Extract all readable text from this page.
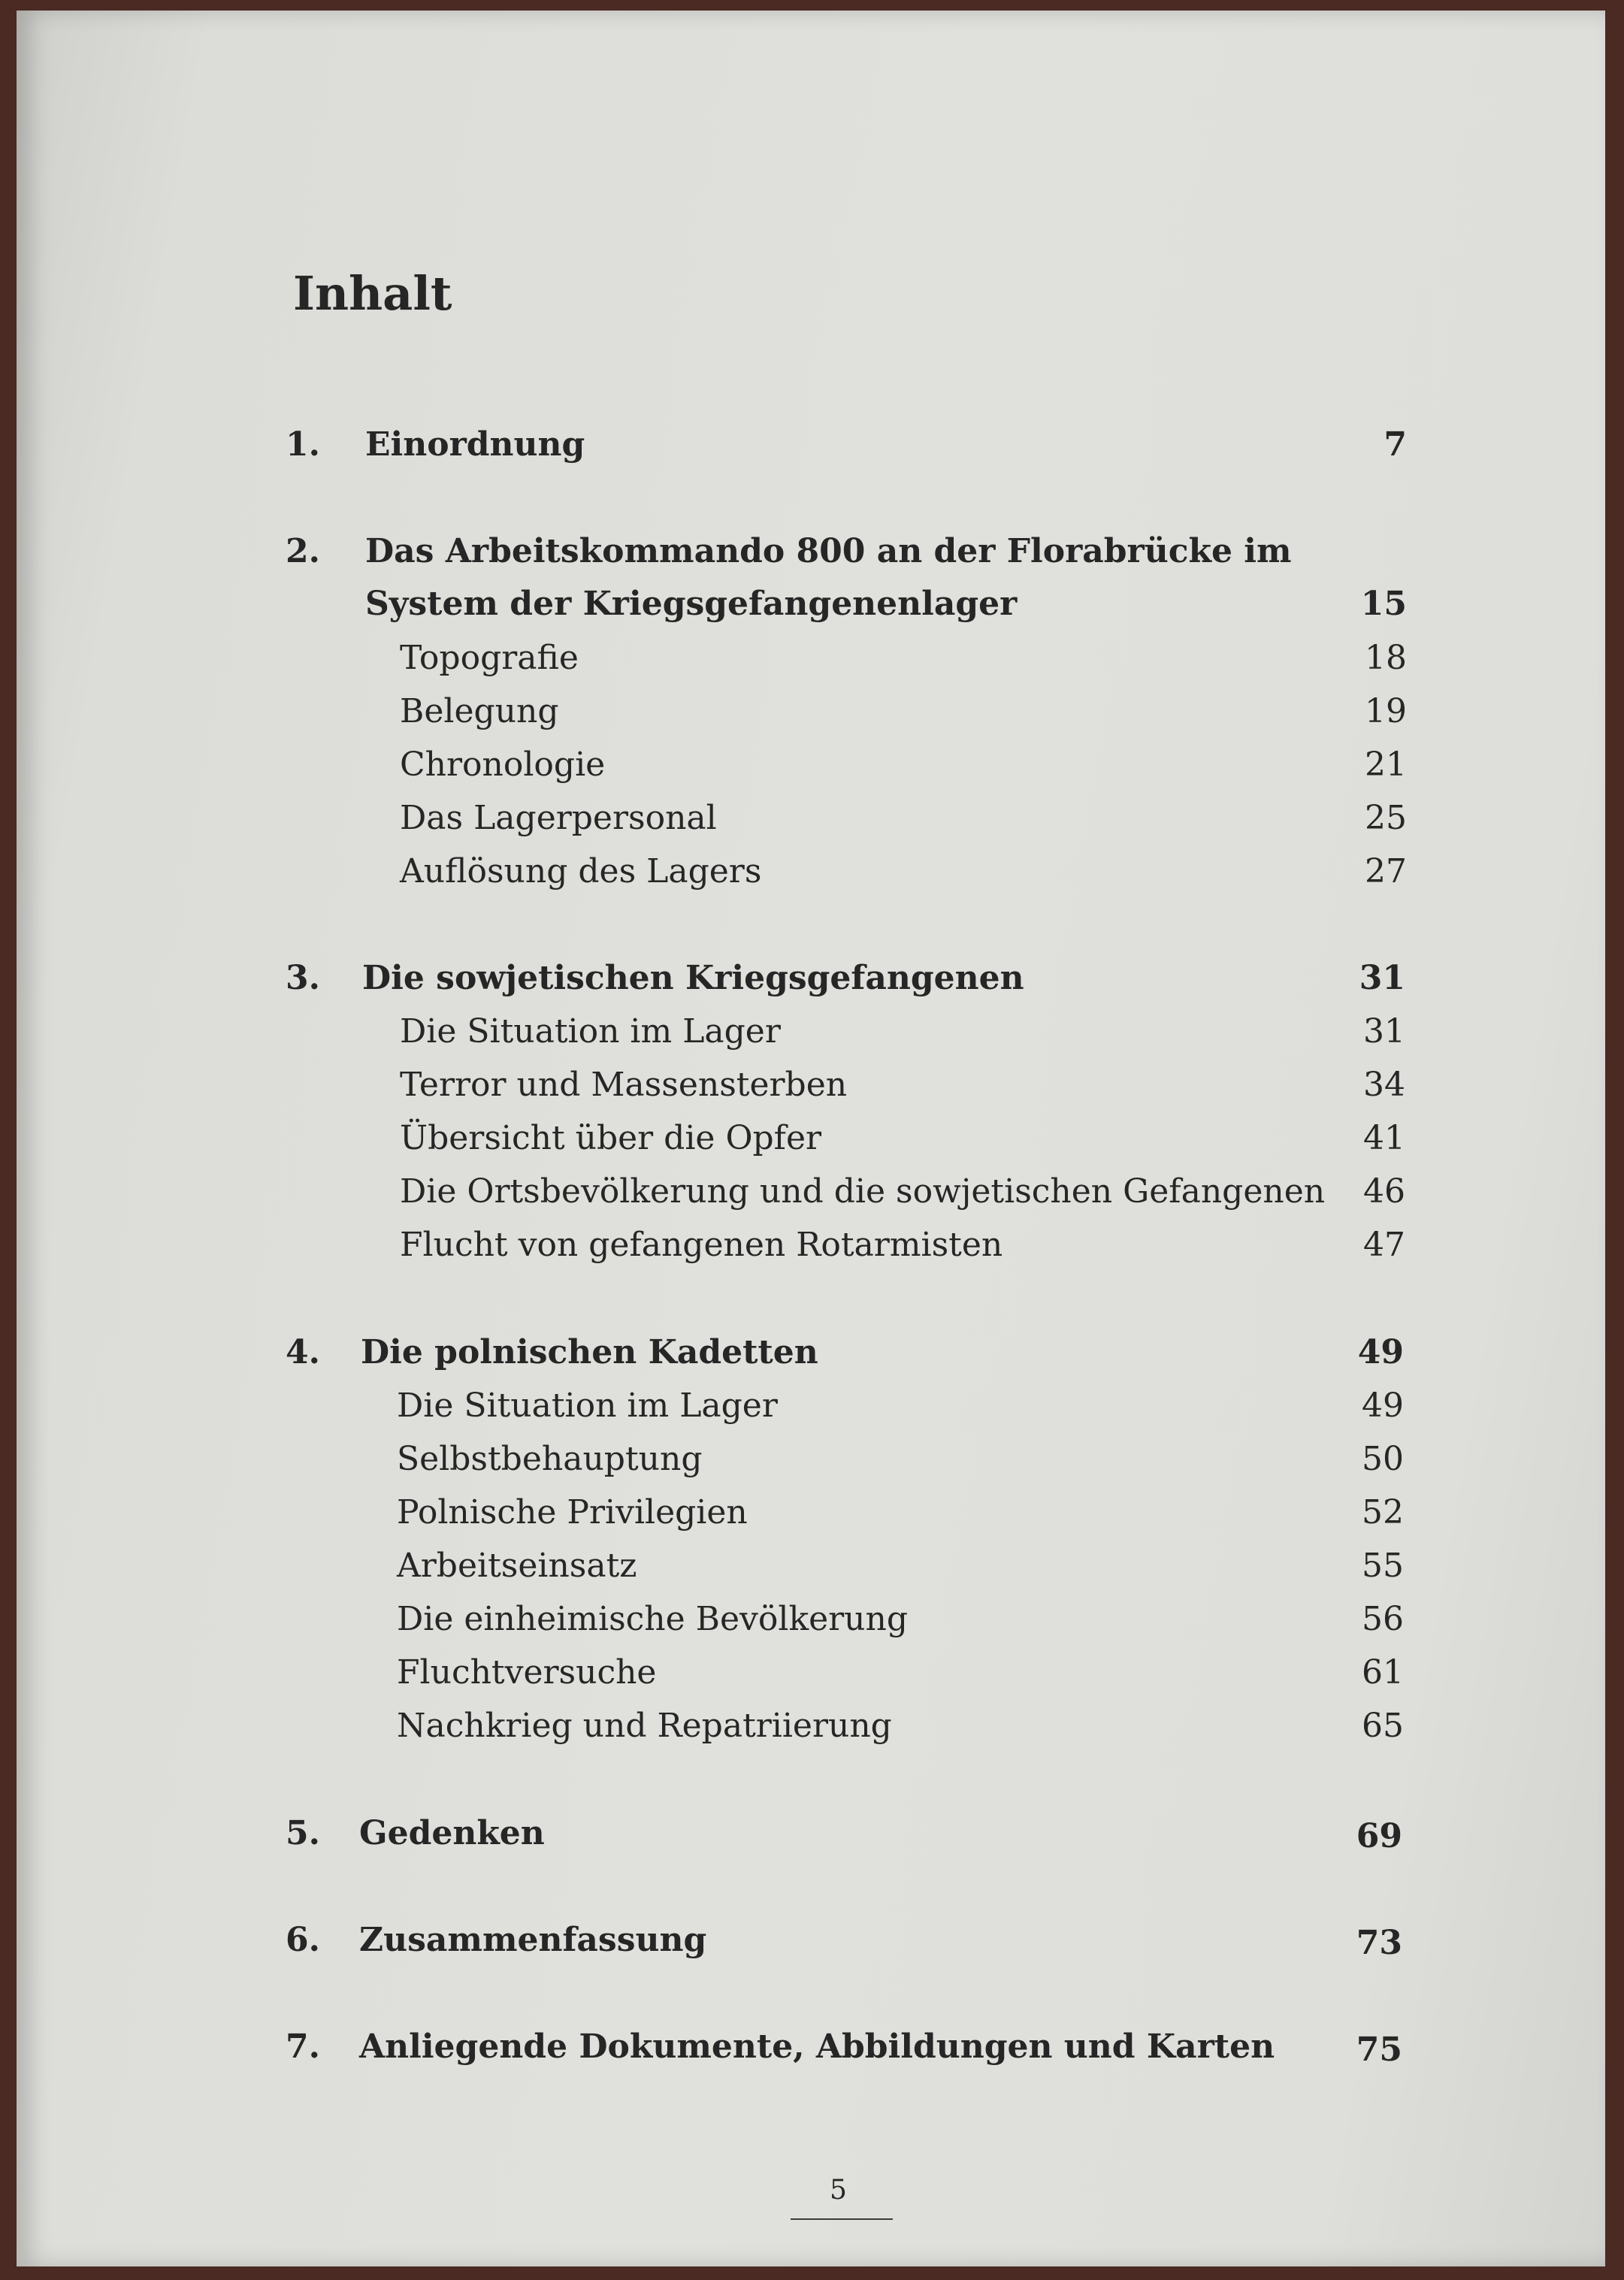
Inhalt
1. Einordnung	7
2. Das Arbeitskommando 800 an der Florabrücke im
System der Kriegsgefangenenlager	15
Topografie	18
Belegung	19
Chronologie	21
Das Lagerpersonal	25
Auflösung des Lagers	27
3. Die sowjetischen Kriegsgefangenen	31
Die Situation im Lager	31
Terror und Massensterben	34
Übersicht über die Opfer	41
Die Ortsbevölkerung und die sowjetischen Gefangenen	46
Flucht von gefangenen Rotarmisten	47
4. Die polnischen Kadetten	49
Die Situation im Lager	49
Selbstbehauptung	50
Polnische Privilegien	52
Arbeitseinsatz	55
Die einheimische Bevölkerung	56
Fluchtversuche	61
Nachkrieg und Repatriierung	65
5. Gedenken	69
6. Zusammenfassung	73
7. Anliegende Dokumente, Abbildungen und Karten	75
5
